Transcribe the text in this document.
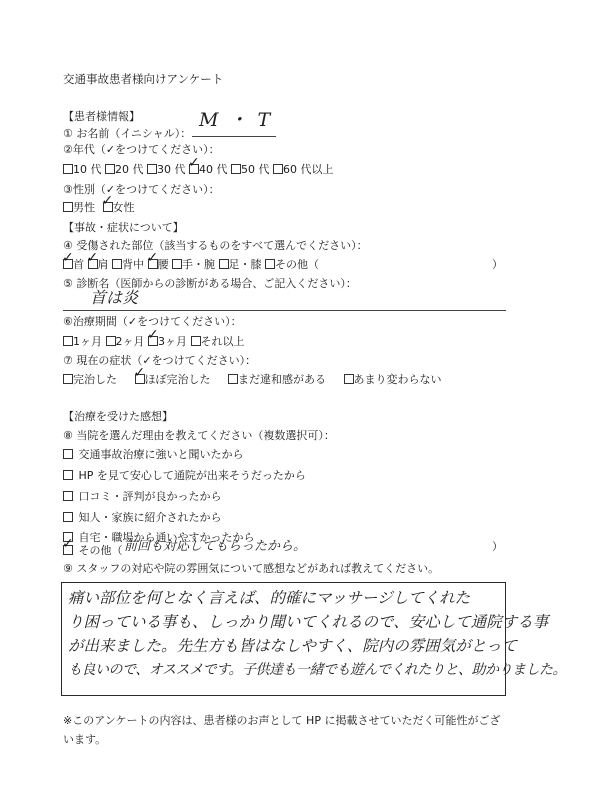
交通事故患者様向けアンケート
【患者様情報】
① お名前（イニシャル）：
M・T
②年代（✓をつけてください）：
10 代 20 代 30 代 ✓ 40 代 50 代 60 代以上
③性別（✓をつけてください）：
男性 ✓ 女性
【事故・症状について】
④ 受傷された部位（該当するものをすべて選んでください）：
✓首 ✓ 肩 背中 ✓ 腰 手・腕 足・膝 その他（	）
⑤ 診断名（医師からの診断がある場合、ご記入ください）：
首は炎
⑥治療期間（✓をつけてください）：
1ヶ月 2ヶ月 ✓ 3ヶ月 それ以上
⑦ 現在の症状（✓をつけてください）：
完治した ✓	ほぼ完治した	まだ違和感がある	あまり変わらない
【治療を受けた感想】
⑧ 当院を選んだ理由を教えてください（複数選択可）：
交通事故治療に強いと聞いたから
HP を見て安心して通院が出来そうだったから
口コミ・評判が良かったから
知人・家族に紹介されたから
自宅・職場から通いやすかったから
✓ その他（ 前回も対応してもらったから。	）
⑨ スタッフの対応や院の雰囲気について感想などがあれば教えてください。
痛い部位を何となく言えば、的確にマッサージしてくれた
り困っている事も、しっかり聞いてくれるので、安心して通院する事
が出来ました。先生方も皆はなしやすく、院内の雰囲気がとって
も良いので、オススメです。子供達も一緒でも遊んでくれたりと、助かりました。
※このアンケートの内容は、患者様のお声として HP に掲載させていただく可能性がござ
います。
